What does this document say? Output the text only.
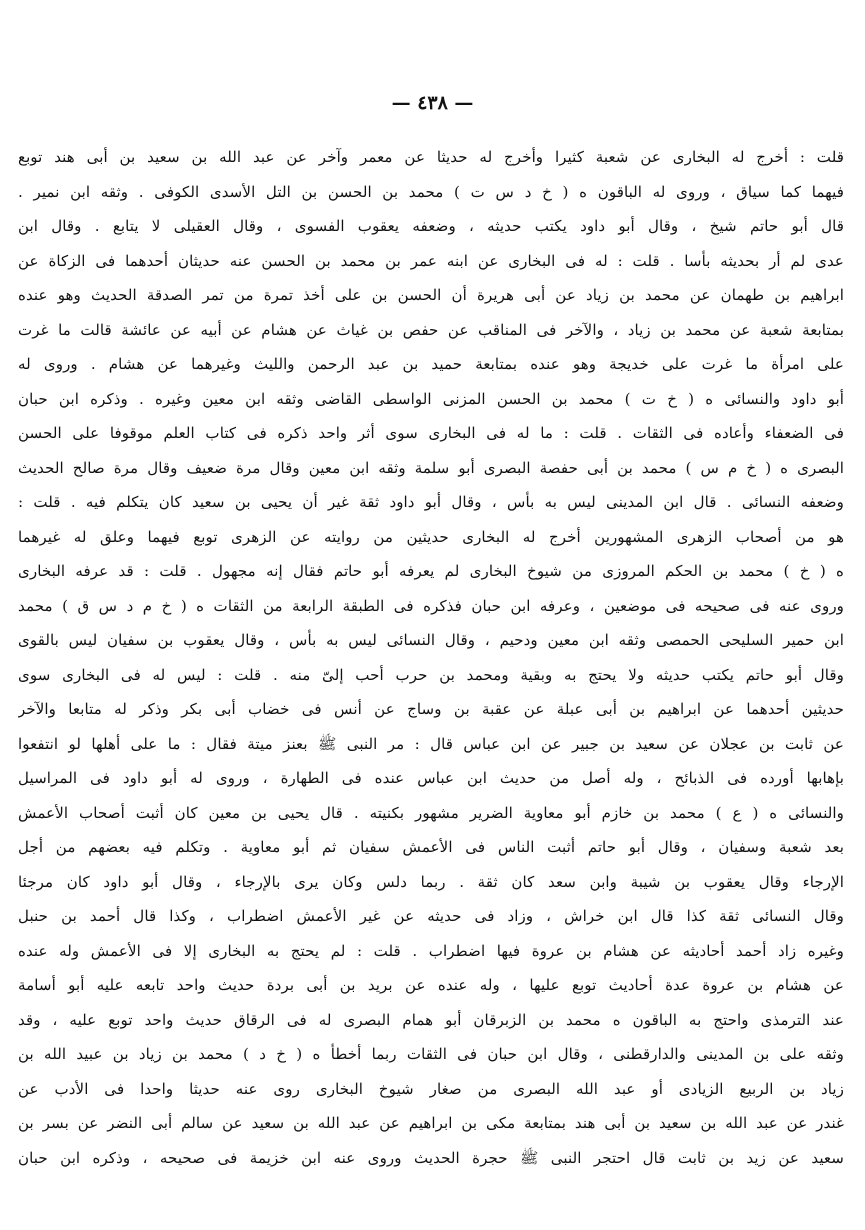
— ٤٣٨ —
قلت : أخرج له البخارى عن شعبة كثيرا وأخرج له حديثا عن معمر وآخر عن عبد الله بن سعيد بن أبى هند توبع
فيهما كما سياق ، وروى له الباقون ه ( خ د س ت ) محمد بن الحسن بن التل الأسدى الكوفى . وثقه ابن نمير .
قال أبو حاتم شيخ ، وقال أبو داود يكتب حديثه ، وضعفه يعقوب الفسوى ، وقال العقيلى لا يتابع . وقال ابن
عدى لم أر بحديثه بأسا . قلت : له فى البخارى عن ابنه عمر بن محمد بن الحسن عنه حديثان أحدهما فى الزكاة عن
ابراهيم بن طهمان عن محمد بن زياد عن أبى هريرة أن الحسن بن على أخذ تمرة من تمر الصدقة الحديث وهو عنده
بمتابعة شعبة عن محمد بن زياد ، والآخر فى المناقب عن حفص بن غياث عن هشام عن أبيه عن عائشة قالت ما غرت
على امرأة ما غرت على خديجة وهو عنده بمتابعة حميد بن عبد الرحمن والليث وغيرهما عن هشام . وروى له
أبو داود والنسائى ه ( خ ت ) محمد بن الحسن المزنى الواسطى القاضى وثقه ابن معين وغيره . وذكره ابن حبان
فى الضعفاء وأعاده فى الثقات . قلت : ما له فى البخارى سوى أثر واحد ذكره فى كتاب العلم موقوفا على الحسن
البصرى ه ( خ م س ) محمد بن أبى حفصة البصرى أبو سلمة وثقه ابن معين وقال مرة ضعيف وقال مرة صالح الحديث
وضعفه النسائى . قال ابن المدينى ليس به بأس ، وقال أبو داود ثقة غير أن يحيى بن سعيد كان يتكلم فيه . قلت :
هو من أصحاب الزهرى المشهورين أخرج له البخارى حديثين من روايته عن الزهرى توبع فيهما وعلق له غيرهما
ه ( خ ) محمد بن الحكم المروزى من شيوخ البخارى لم يعرفه أبو حاتم فقال إنه مجهول . قلت : قد عرفه البخارى
وروى عنه فى صحيحه فى موضعين ، وعرفه ابن حبان فذكره فى الطبقة الرابعة من الثقات ه ( خ م د س ق ) محمد
ابن حمير السليحى الحمصى وثقه ابن معين ودحيم ، وقال النسائى ليس به بأس ، وقال يعقوب بن سفيان ليس بالقوى
وقال أبو حاتم يكتب حديثه ولا يحتج به وبقية ومحمد بن حرب أحب إلىّ منه . قلت : ليس له فى البخارى سوى
حديثين أحدهما عن ابراهيم بن أبى عبلة عن عقبة بن وساج عن أنس فى خضاب أبى بكر وذكر له متابعا والآخر
عن ثابت بن عجلان عن سعيد بن جبير عن ابن عباس قال : مر النبى ﷺ بعنز ميتة فقال : ما على أهلها لو انتفعوا
بإهابها أورده فى الذبائح ، وله أصل من حديث ابن عباس عنده فى الطهارة ، وروى له أبو داود فى المراسيل
والنسائى ه ( ع ) محمد بن خازم أبو معاوية الضرير مشهور بكنيته . قال يحيى بن معين كان أثبت أصحاب الأعمش
بعد شعبة وسفيان ، وقال أبو حاتم أثبت الناس فى الأعمش سفيان ثم أبو معاوية . وتكلم فيه بعضهم من أجل
الإرجاء وقال يعقوب بن شيبة وابن سعد كان ثقة . ربما دلس وكان يرى بالإرجاء ، وقال أبو داود كان مرجئا
وقال النسائى ثقة كذا قال ابن خراش ، وزاد فى حديثه عن غير الأعمش اضطراب ، وكذا قال أحمد بن حنبل
وغيره زاد أحمد أحاديثه عن هشام بن عروة فيها اضطراب . قلت : لم يحتج به البخارى إلا فى الأعمش وله عنده
عن هشام بن عروة عدة أحاديث توبع عليها ، وله عنده عن بريد بن أبى بردة حديث واحد تابعه عليه أبو أسامة
عند الترمذى واحتج به الباقون ه محمد بن الزبرقان أبو همام البصرى له فى الرقاق حديث واحد توبع عليه ، وقد
وثقه على بن المدينى والدارقطنى ، وقال ابن حبان فى الثقات ربما أخطأ ه ( خ د ) محمد بن زياد بن عبيد الله بن
زياد بن الربيع الزيادى أو عبد الله البصرى من صغار شيوخ البخارى روى عنه حديثا واحدا فى الأدب عن
غندر عن عبد الله بن سعيد بن أبى هند بمتابعة مكى بن ابراهيم عن عبد الله بن سعيد عن سالم أبى النضر عن بسر بن
سعيد عن زيد بن ثابت قال احتجر النبى ﷺ حجرة الحديث وروى عنه ابن خزيمة فى صحيحه ، وذكره ابن حبان
